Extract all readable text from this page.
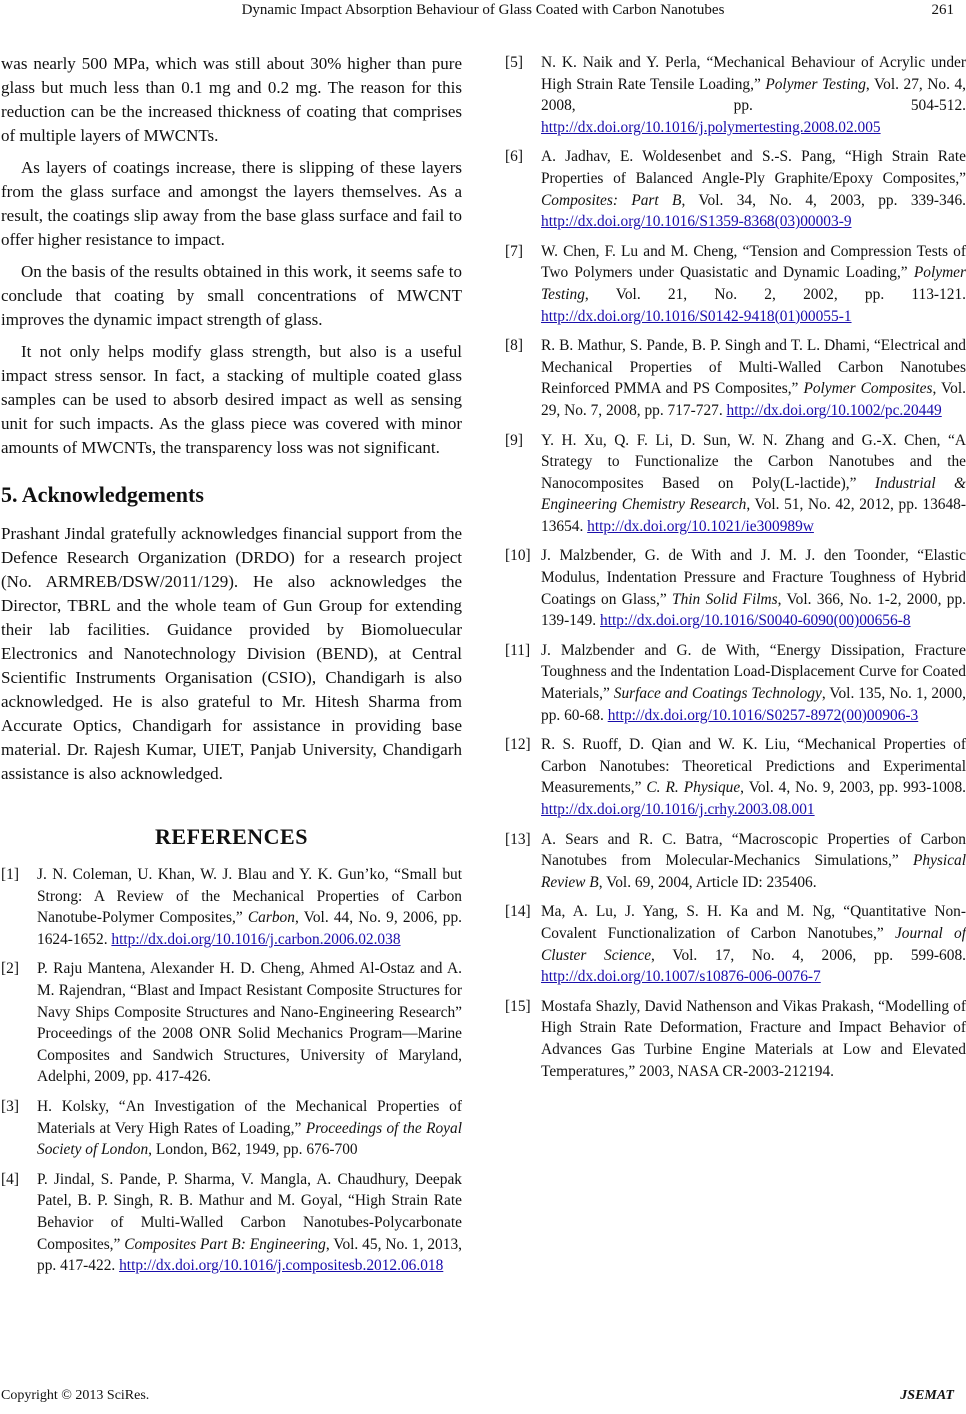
Dynamic Impact Absorption Behaviour of Glass Coated with Carbon Nanotubes	261

was nearly 500 MPa, which was still about 30% higher than pure glass but much less than 0.1 mg and 0.2 mg. The reason for this reduction can be the increased thickness of coating that comprises of multiple layers of MWCNTs.

As layers of coatings increase, there is slipping of these layers from the glass surface and amongst the layers themselves. As a result, the coatings slip away from the base glass surface and fail to offer higher resistance to impact.

On the basis of the results obtained in this work, it seems safe to conclude that coating by small concentrations of MWCNT improves the dynamic impact strength of glass.

It not only helps modify glass strength, but also is a useful impact stress sensor. In fact, a stacking of multiple coated glass samples can be used to absorb desired impact as well as sensing unit for such impacts. As the glass piece was covered with minor amounts of MWCNTs, the transparency loss was not significant.

5. Acknowledgements

Prashant Jindal gratefully acknowledges financial support from the Defence Research Organization (DRDO) for a research project (No. ARMREB/DSW/2011/129). He also acknowledges the Director, TBRL and the whole team of Gun Group for extending their lab facilities. Guidance provided by Biomoluecular Electronics and Nanotechnology Division (BEND), at Central Scientific Instruments Organisation (CSIO), Chandigarh is also acknowledged. He is also grateful to Mr. Hitesh Sharma from Accurate Optics, Chandigarh for assistance in providing base material. Dr. Rajesh Kumar, UIET, Panjab University, Chandigarh assistance is also acknowledged.

REFERENCES
[1]	J. N. Coleman, U. Khan, W. J. Blau and Y. K. Gun’ko, “Small but Strong: A Review of the Mechanical Properties of Carbon Nanotube-Polymer Composites,” Carbon, Vol. 44, No. 9, 2006, pp. 1624-1652. http://dx.doi.org/10.1016/j.carbon.2006.02.038
[2]	P. Raju Mantena, Alexander H. D. Cheng, Ahmed Al-Ostaz and A. M. Rajendran, “Blast and Impact Resistant Composite Structures for Navy Ships Composite Structures and Nano-Engineering Research” Proceedings of the 2008 ONR Solid Mechanics Program—Marine Composites and Sandwich Structures, University of Maryland, Adelphi, 2009, pp. 417-426.
[3]	H. Kolsky, “An Investigation of the Mechanical Properties of Materials at Very High Rates of Loading,” Proceedings of the Royal Society of London, London, B62, 1949, pp. 676-700
[4]	P. Jindal, S. Pande, P. Sharma, V. Mangla, A. Chaudhury, Deepak Patel, B. P. Singh, R. B. Mathur and M. Goyal, “High Strain Rate Behavior of Multi-Walled Carbon Nanotubes-Polycarbonate Composites,” Composites Part B: Engineering, Vol. 45, No. 1, 2013, pp. 417-422. http://dx.doi.org/10.1016/j.compositesb.2012.06.018
[5]	N. K. Naik and Y. Perla, “Mechanical Behaviour of Acrylic under High Strain Rate Tensile Loading,” Polymer Testing, Vol. 27, No. 4, 2008, pp. 504-512. http://dx.doi.org/10.1016/j.polymertesting.2008.02.005
[6]	A. Jadhav, E. Woldesenbet and S.-S. Pang, “High Strain Rate Properties of Balanced Angle-Ply Graphite/Epoxy Composites,” Composites: Part B, Vol. 34, No. 4, 2003, pp. 339-346. http://dx.doi.org/10.1016/S1359-8368(03)00003-9
[7]	W. Chen, F. Lu and M. Cheng, “Tension and Compression Tests of Two Polymers under Quasistatic and Dynamic Loading,” Polymer Testing, Vol. 21, No. 2, 2002, pp. 113-121. http://dx.doi.org/10.1016/S0142-9418(01)00055-1
[8]	R. B. Mathur, S. Pande, B. P. Singh and T. L. Dhami, “Electrical and Mechanical Properties of Multi-Walled Carbon Nanotubes Reinforced PMMA and PS Composites,” Polymer Composites, Vol. 29, No. 7, 2008, pp. 717-727. http://dx.doi.org/10.1002/pc.20449
[9]	Y. H. Xu, Q. F. Li, D. Sun, W. N. Zhang and G.-X. Chen, “A Strategy to Functionalize the Carbon Nanotubes and the Nanocomposites Based on Poly(L-lactide),” Industrial & Engineering Chemistry Research, Vol. 51, No. 42, 2012, pp. 13648-13654. http://dx.doi.org/10.1021/ie300989w
[10] J. Malzbender, G. de With and J. M. J. den Toonder, “Elastic Modulus, Indentation Pressure and Fracture Toughness of Hybrid Coatings on Glass,” Thin Solid Films, Vol. 366, No. 1-2, 2000, pp. 139-149. http://dx.doi.org/10.1016/S0040-6090(00)00656-8
[11] J. Malzbender and G. de With, “Energy Dissipation, Fracture Toughness and the Indentation Load-Displacement Curve for Coated Materials,” Surface and Coatings Technology, Vol. 135, No. 1, 2000, pp. 60-68. http://dx.doi.org/10.1016/S0257-8972(00)00906-3
[12] R. S. Ruoff, D. Qian and W. K. Liu, “Mechanical Properties of Carbon Nanotubes: Theoretical Predictions and Experimental Measurements,” C. R. Physique, Vol. 4, No. 9, 2003, pp. 993-1008. http://dx.doi.org/10.1016/j.crhy.2003.08.001
[13] A. Sears and R. C. Batra, “Macroscopic Properties of Carbon Nanotubes from Molecular-Mechanics Simulations,” Physical Review B, Vol. 69, 2004, Article ID: 235406.
[14] Ma, A. Lu, J. Yang, S. H. Ka and M. Ng, “Quantitative Non-Covalent Functionalization of Carbon Nanotubes,” Journal of Cluster Science, Vol. 17, No. 4, 2006, pp. 599-608. http://dx.doi.org/10.1007/s10876-006-0076-7
[15] Mostafa Shazly, David Nathenson and Vikas Prakash, “Modelling of High Strain Rate Deformation, Fracture and Impact Behavior of Advances Gas Turbine Engine Materials at Low and Elevated Temperatures,” 2003, NASA CR-2003-212194.
Copyright © 2013 SciRes.	JSEMAT
